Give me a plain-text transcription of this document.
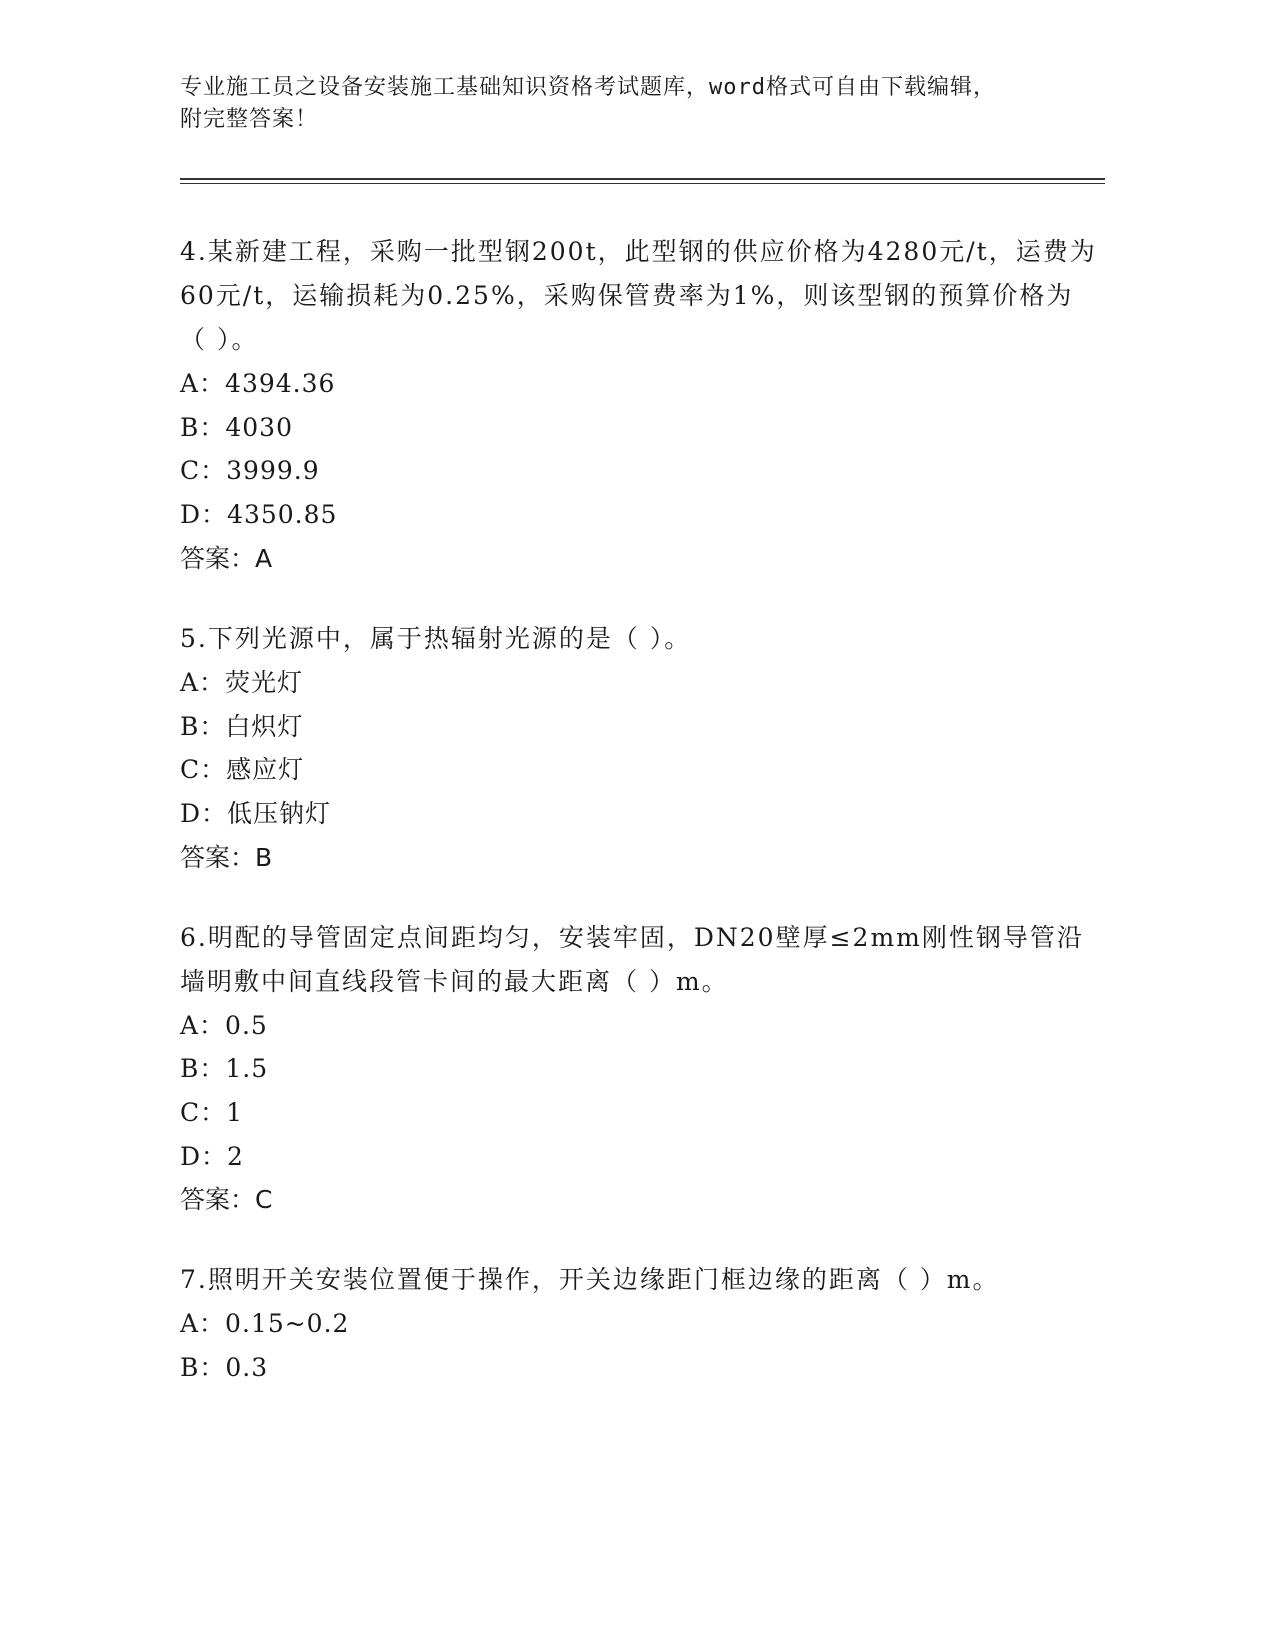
专业施工员之设备安装施工基础知识资格考试题库，word格式可自由下载编辑，
附完整答案！

4.某新建工程，采购一批型钢200t，此型钢的供应价格为4280元/t，运费为60元/t，运输损耗为0.25%，采购保管费率为1%，则该型钢的预算价格为（ ）。

A：4394.36

B：4030

C：3999.9

D：4350.85

答案：A

5.下列光源中，属于热辐射光源的是（ ）。

A：荧光灯

B：白炽灯

C：感应灯

D：低压钠灯

答案：B

6.明配的导管固定点间距均匀，安装牢固，DN20壁厚≤2mm刚性钢导管沿墙明敷中间直线段管卡间的最大距离（ ）m。

A：0.5

B：1.5

C：1

D：2

答案：C

7.照明开关安装位置便于操作，开关边缘距门框边缘的距离（ ）m。

A：0.15~0.2

B：0.3
